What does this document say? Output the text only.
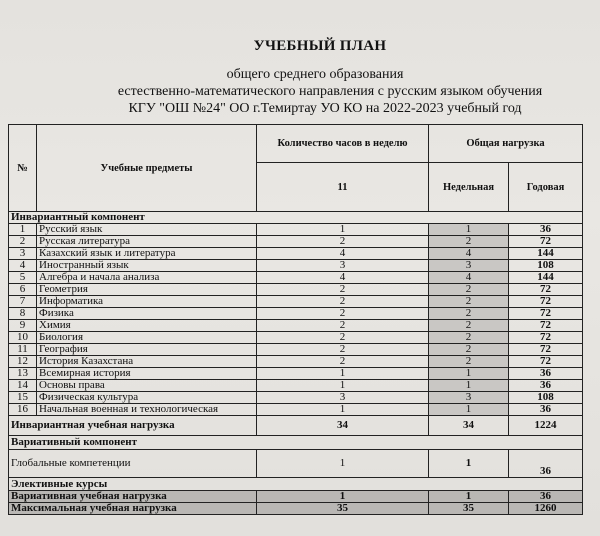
УЧЕБНЫЙ ПЛАН
общего среднего образования
естественно-математического направления с русским языком обучения
КГУ "ОШ №24" ОО г.Темиртау УО КО на 2022-2023 учебный год
№	Учебные предметы	Количество часов в неделю	Общая нагрузка	
		11	Недельная	Годовая
Инвариантный компонент				
1	Русский язык	1	1	36
2	Русская литература	2	2	72
3	Казахский язык и литература	4	4	144
4	Иностранный язык	3	3	108
5	Алгебра и начала анализа	4	4	144
6	Геометрия	2	2	72
7	Информатика	2	2	72
8	Физика	2	2	72
9	Химия	2	2	72
10	Биология	2	2	72
11	География	2	2	72
12	История Казахстана	2	2	72
13	Всемирная история	1	1	36
14	Основы права	1	1	36
15	Физическая культура	3	3	108
16	Начальная военная и технологическая	1	1	36
Инвариантная учебная нагрузка		34	34	1224
Вариативный компонент				
Глобальные компетенции		1	1	36
Элективные курсы				
Вариативная учебная нагрузка		1	1	36
Максимальная учебная нагрузка		35	35	1260
